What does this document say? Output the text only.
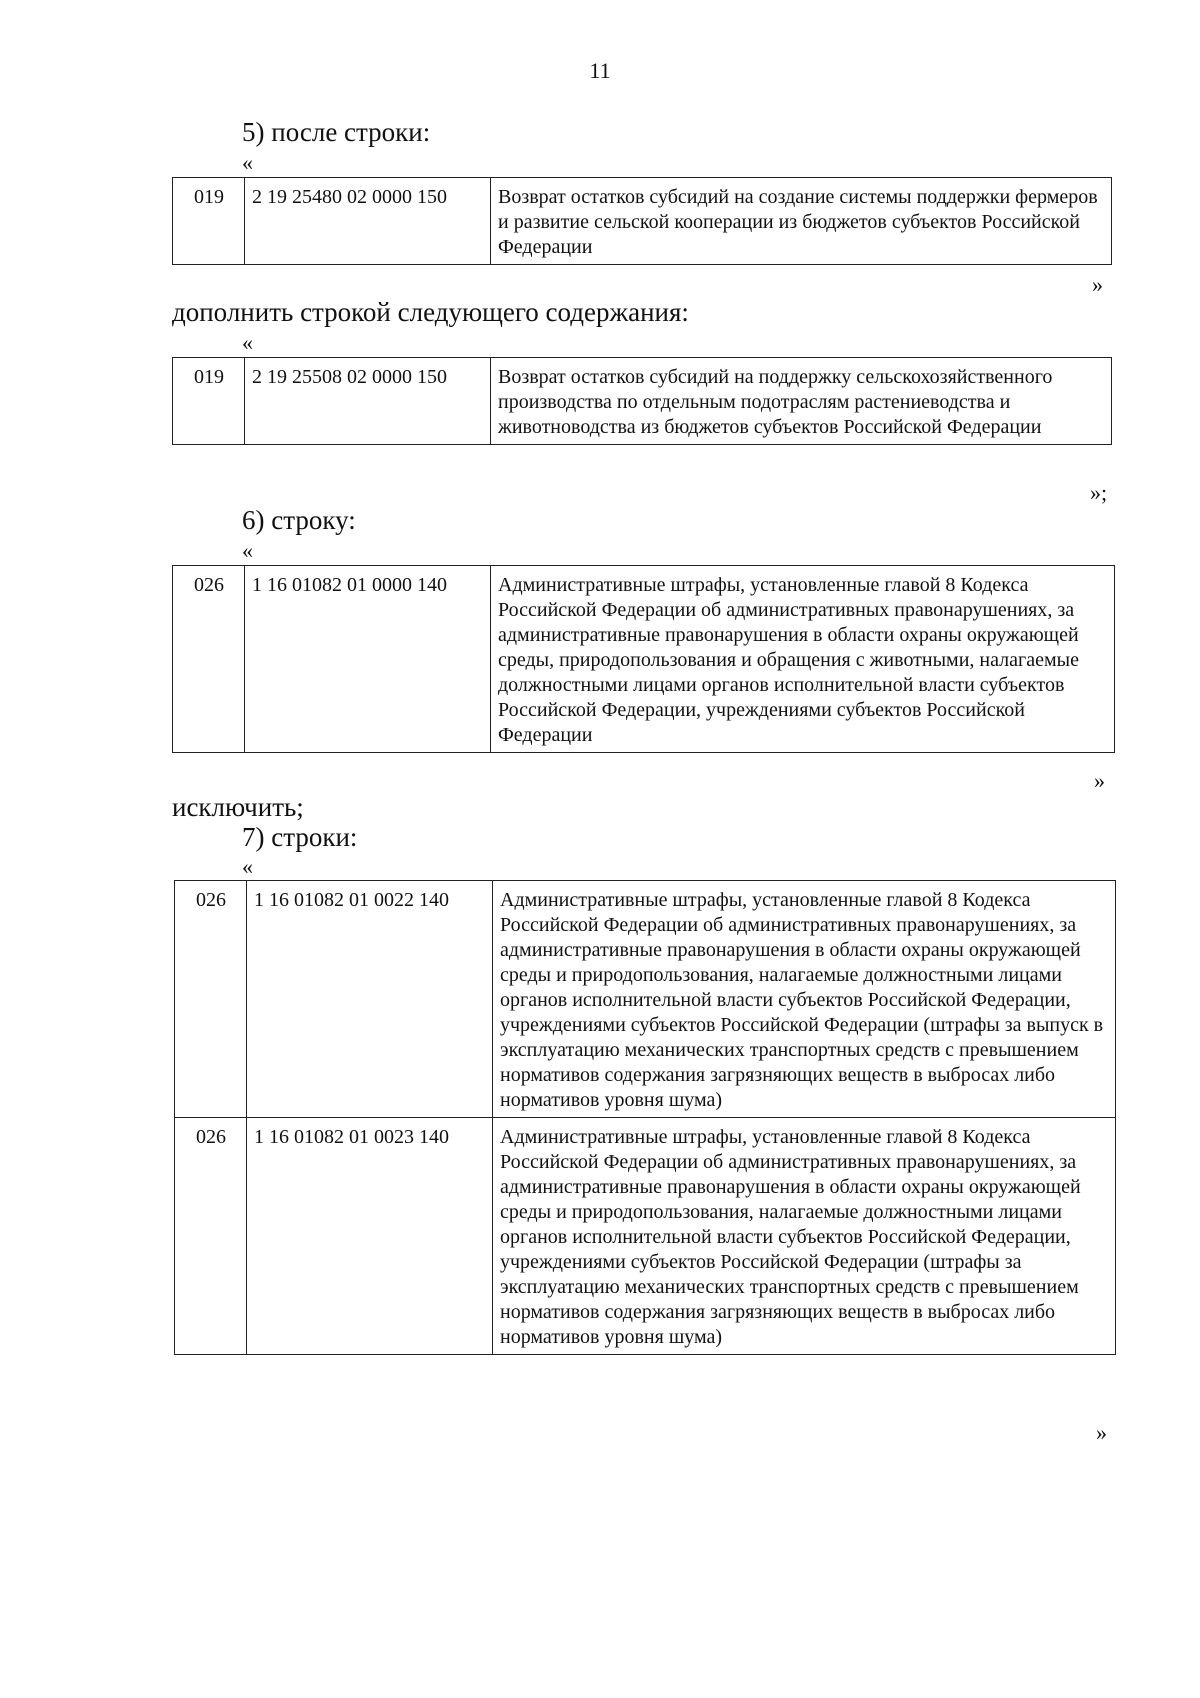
11
5) после строки:
«
019	2 19 25480 02 0000 150	Возврат остатков субсидий на создание системы поддержки фермеров и развитие сельской кооперации из бюджетов субъектов Российской Федерации
»
дополнить строкой следующего содержания:
«
019	2 19 25508 02 0000 150	Возврат остатков субсидий на поддержку сельскохозяйственного производства по отдельным подотраслям растениеводства и животноводства из бюджетов субъектов Российской Федерации
»;
6) строку:
«
026	1 16 01082 01 0000 140	Административные штрафы, установленные главой 8 Кодекса Российской Федерации об административных правонарушениях, за административные правонарушения в области охраны окружающей среды, природопользования и обращения с животными, налагаемые должностными лицами органов исполнительной власти субъектов Российской Федерации, учреждениями субъектов Российской Федерации
»
исключить;
7) строки:
«
026	1 16 01082 01 0022 140	Административные штрафы, установленные главой 8 Кодекса Российской Федерации об административных правонарушениях, за административные правонарушения в области охраны окружающей среды и природопользования, налагаемые должностными лицами органов исполнительной власти субъектов Российской Федерации, учреждениями субъектов Российской Федерации (штрафы за выпуск в эксплуатацию механических транспортных средств с превышением нормативов содержания загрязняющих веществ в выбросах либо нормативов уровня шума)
026	1 16 01082 01 0023 140	Административные штрафы, установленные главой 8 Кодекса Российской Федерации об административных правонарушениях, за административные правонарушения в области охраны окружающей среды и природопользования, налагаемые должностными лицами органов исполнительной власти субъектов Российской Федерации, учреждениями субъектов Российской Федерации (штрафы за эксплуатацию механических транспортных средств с превышением нормативов содержания загрязняющих веществ в выбросах либо нормативов уровня шума)
»
